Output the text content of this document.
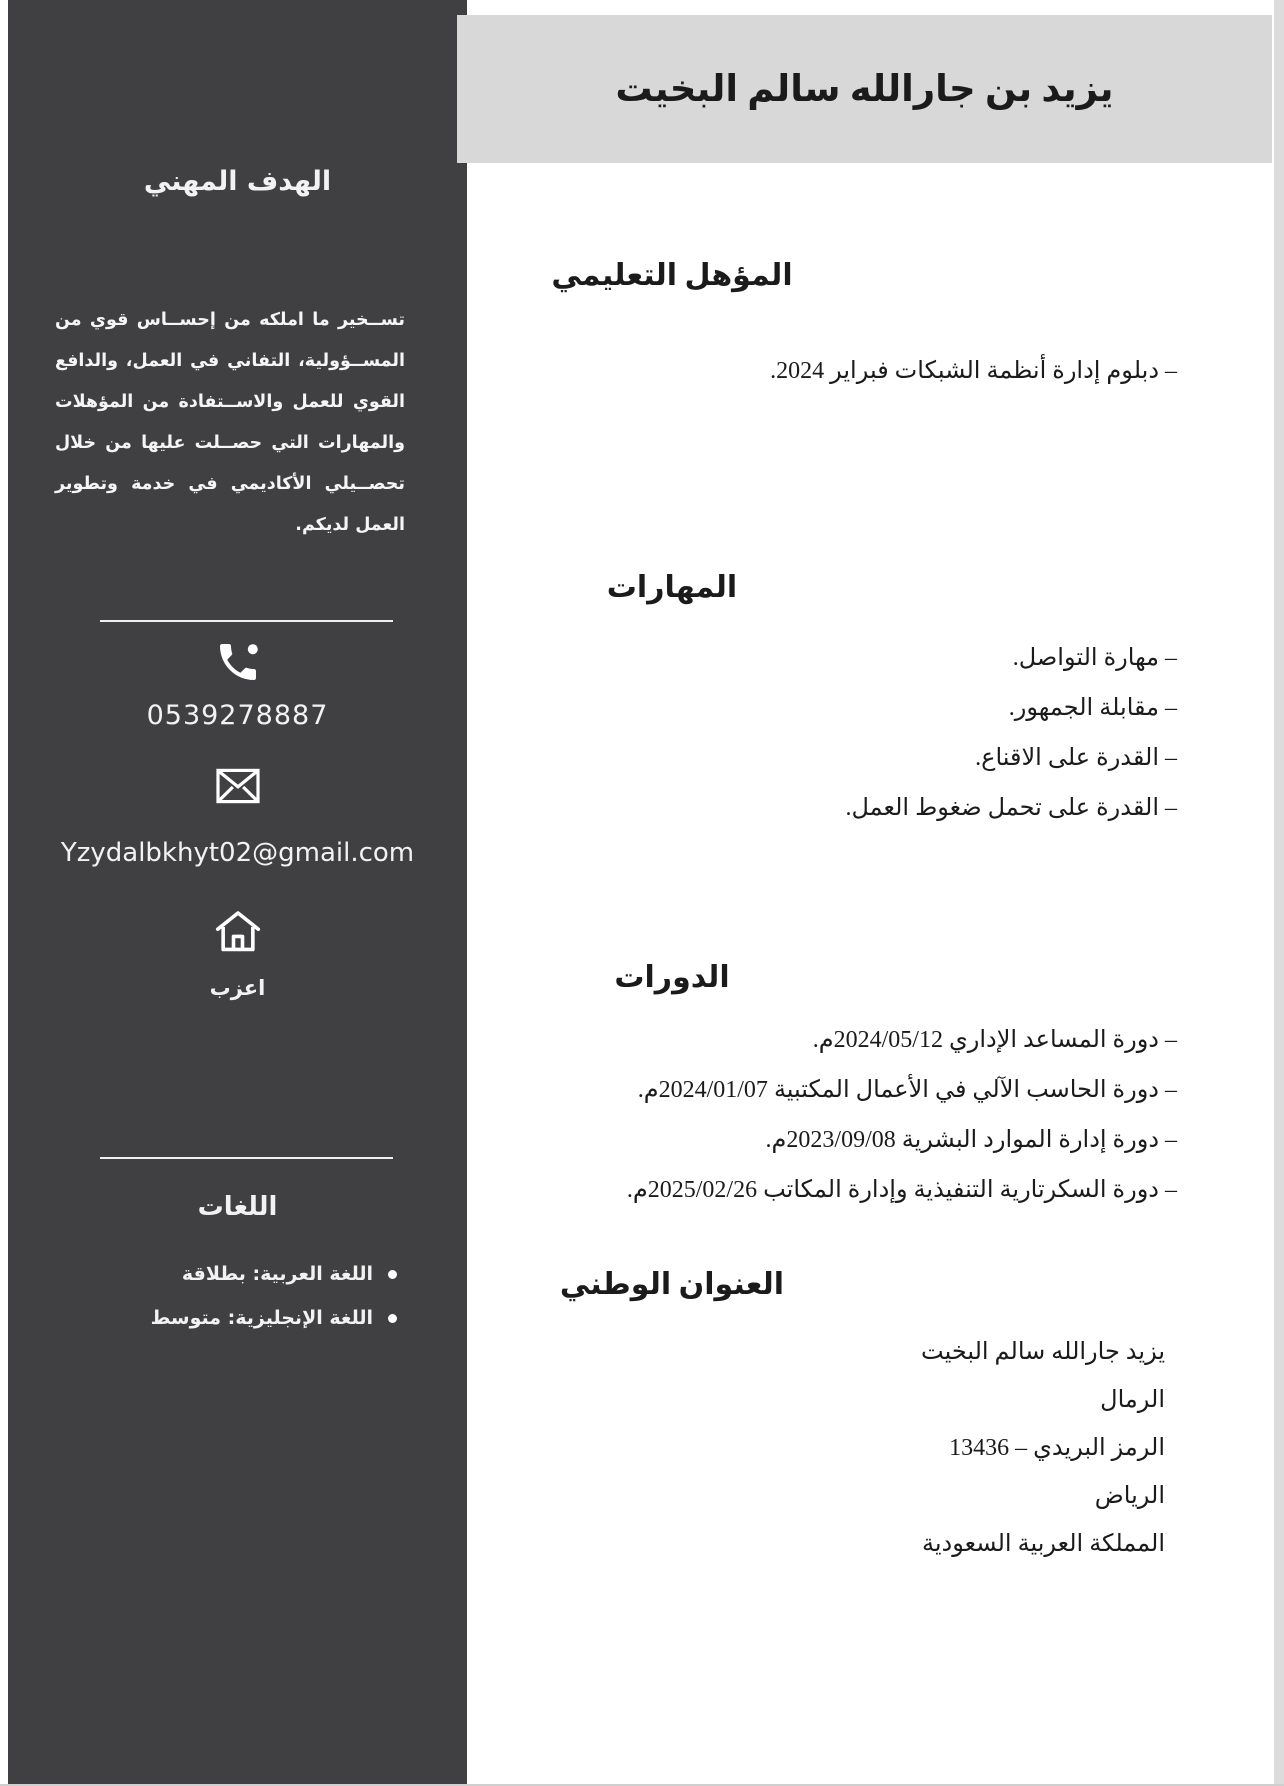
الهدف المهني
تســخير ما املكه من إحســاس قوي من المســؤولية، التفاني في العمل، والدافع القوي للعمل والاســتفادة من المؤهلات والمهارات التي حصــلت عليها من خلال تحصــيلي الأكاديمي في خدمة وتطوير العمل لديكم.
0539278887
Yzydalbkhyt02@gmail.com
اعزب
اللغات
اللغة العربية: بطلاقة
اللغة الإنجليزية: متوسط
يزيد بن جارالله سالم البخيت
المؤهل التعليمي
– دبلوم إدارة أنظمة الشبكات فبراير 2024.
المهارات
– مهارة التواصل.
– مقابلة الجمهور.
– القدرة على الاقناع.
– القدرة على تحمل ضغوط العمل.
الدورات
– دورة المساعد الإداري 2024/05/12م.
– دورة الحاسب الآلي في الأعمال المكتبية 2024/01/07م.
– دورة إدارة الموارد البشرية 2023/09/08م.
– دورة السكرتارية التنفيذية وإدارة المكاتب 2025/02/26م.
العنوان الوطني
يزيد جارالله سالم البخيت
الرمال
الرمز البريدي – 13436
الرياض
المملكة العربية السعودية
